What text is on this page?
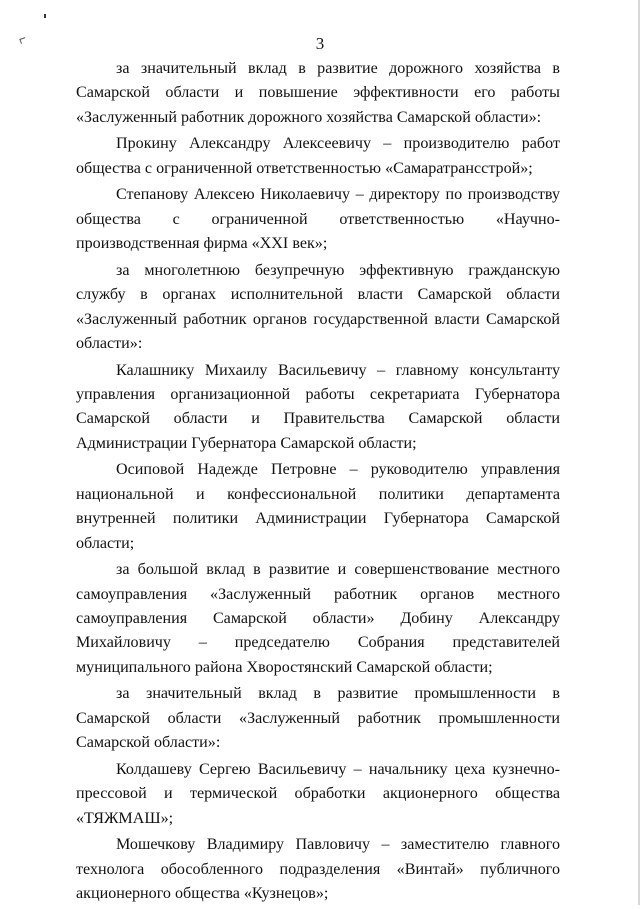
3

за значительный вклад в развитие дорожного хозяйства в Самарской области и повышение эффективности его работы «Заслуженный работник дорожного хозяйства Самарской области»:

Прокину Александру Алексеевичу – производителю работ общества с ограниченной ответственностью «Самаратрансстрой»;

Степанову Алексею Николаевичу – директору по производству общества с ограниченной ответственностью «Научно-производственная фирма «XXI век»;

за многолетнюю безупречную эффективную гражданскую службу в органах исполнительной власти Самарской области «Заслуженный работник органов государственной власти Самарской области»:

Калашнику Михаилу Васильевичу – главному консультанту управления организационной работы секретариата Губернатора Самарской области и Правительства Самарской области Администрации Губернатора Самарской области;

Осиповой Надежде Петровне – руководителю управления национальной и конфессиональной политики департамента внутренней политики Администрации Губернатора Самарской области;

за большой вклад в развитие и совершенствование местного самоуправления «Заслуженный работник органов местного самоуправления Самарской области» Добину Александру Михайловичу – председателю Собрания представителей муниципального района Хворостянский Самарской области;

за значительный вклад в развитие промышленности в Самарской области «Заслуженный работник промышленности Самарской области»:

Колдашеву Сергею Васильевичу – начальнику цеха кузнечно-прессовой и термической обработки акционерного общества «ТЯЖМАШ»;

Мошечкову Владимиру Павловичу – заместителю главного технолога обособленного подразделения «Винтай» публичного акционерного общества «Кузнецов»;
